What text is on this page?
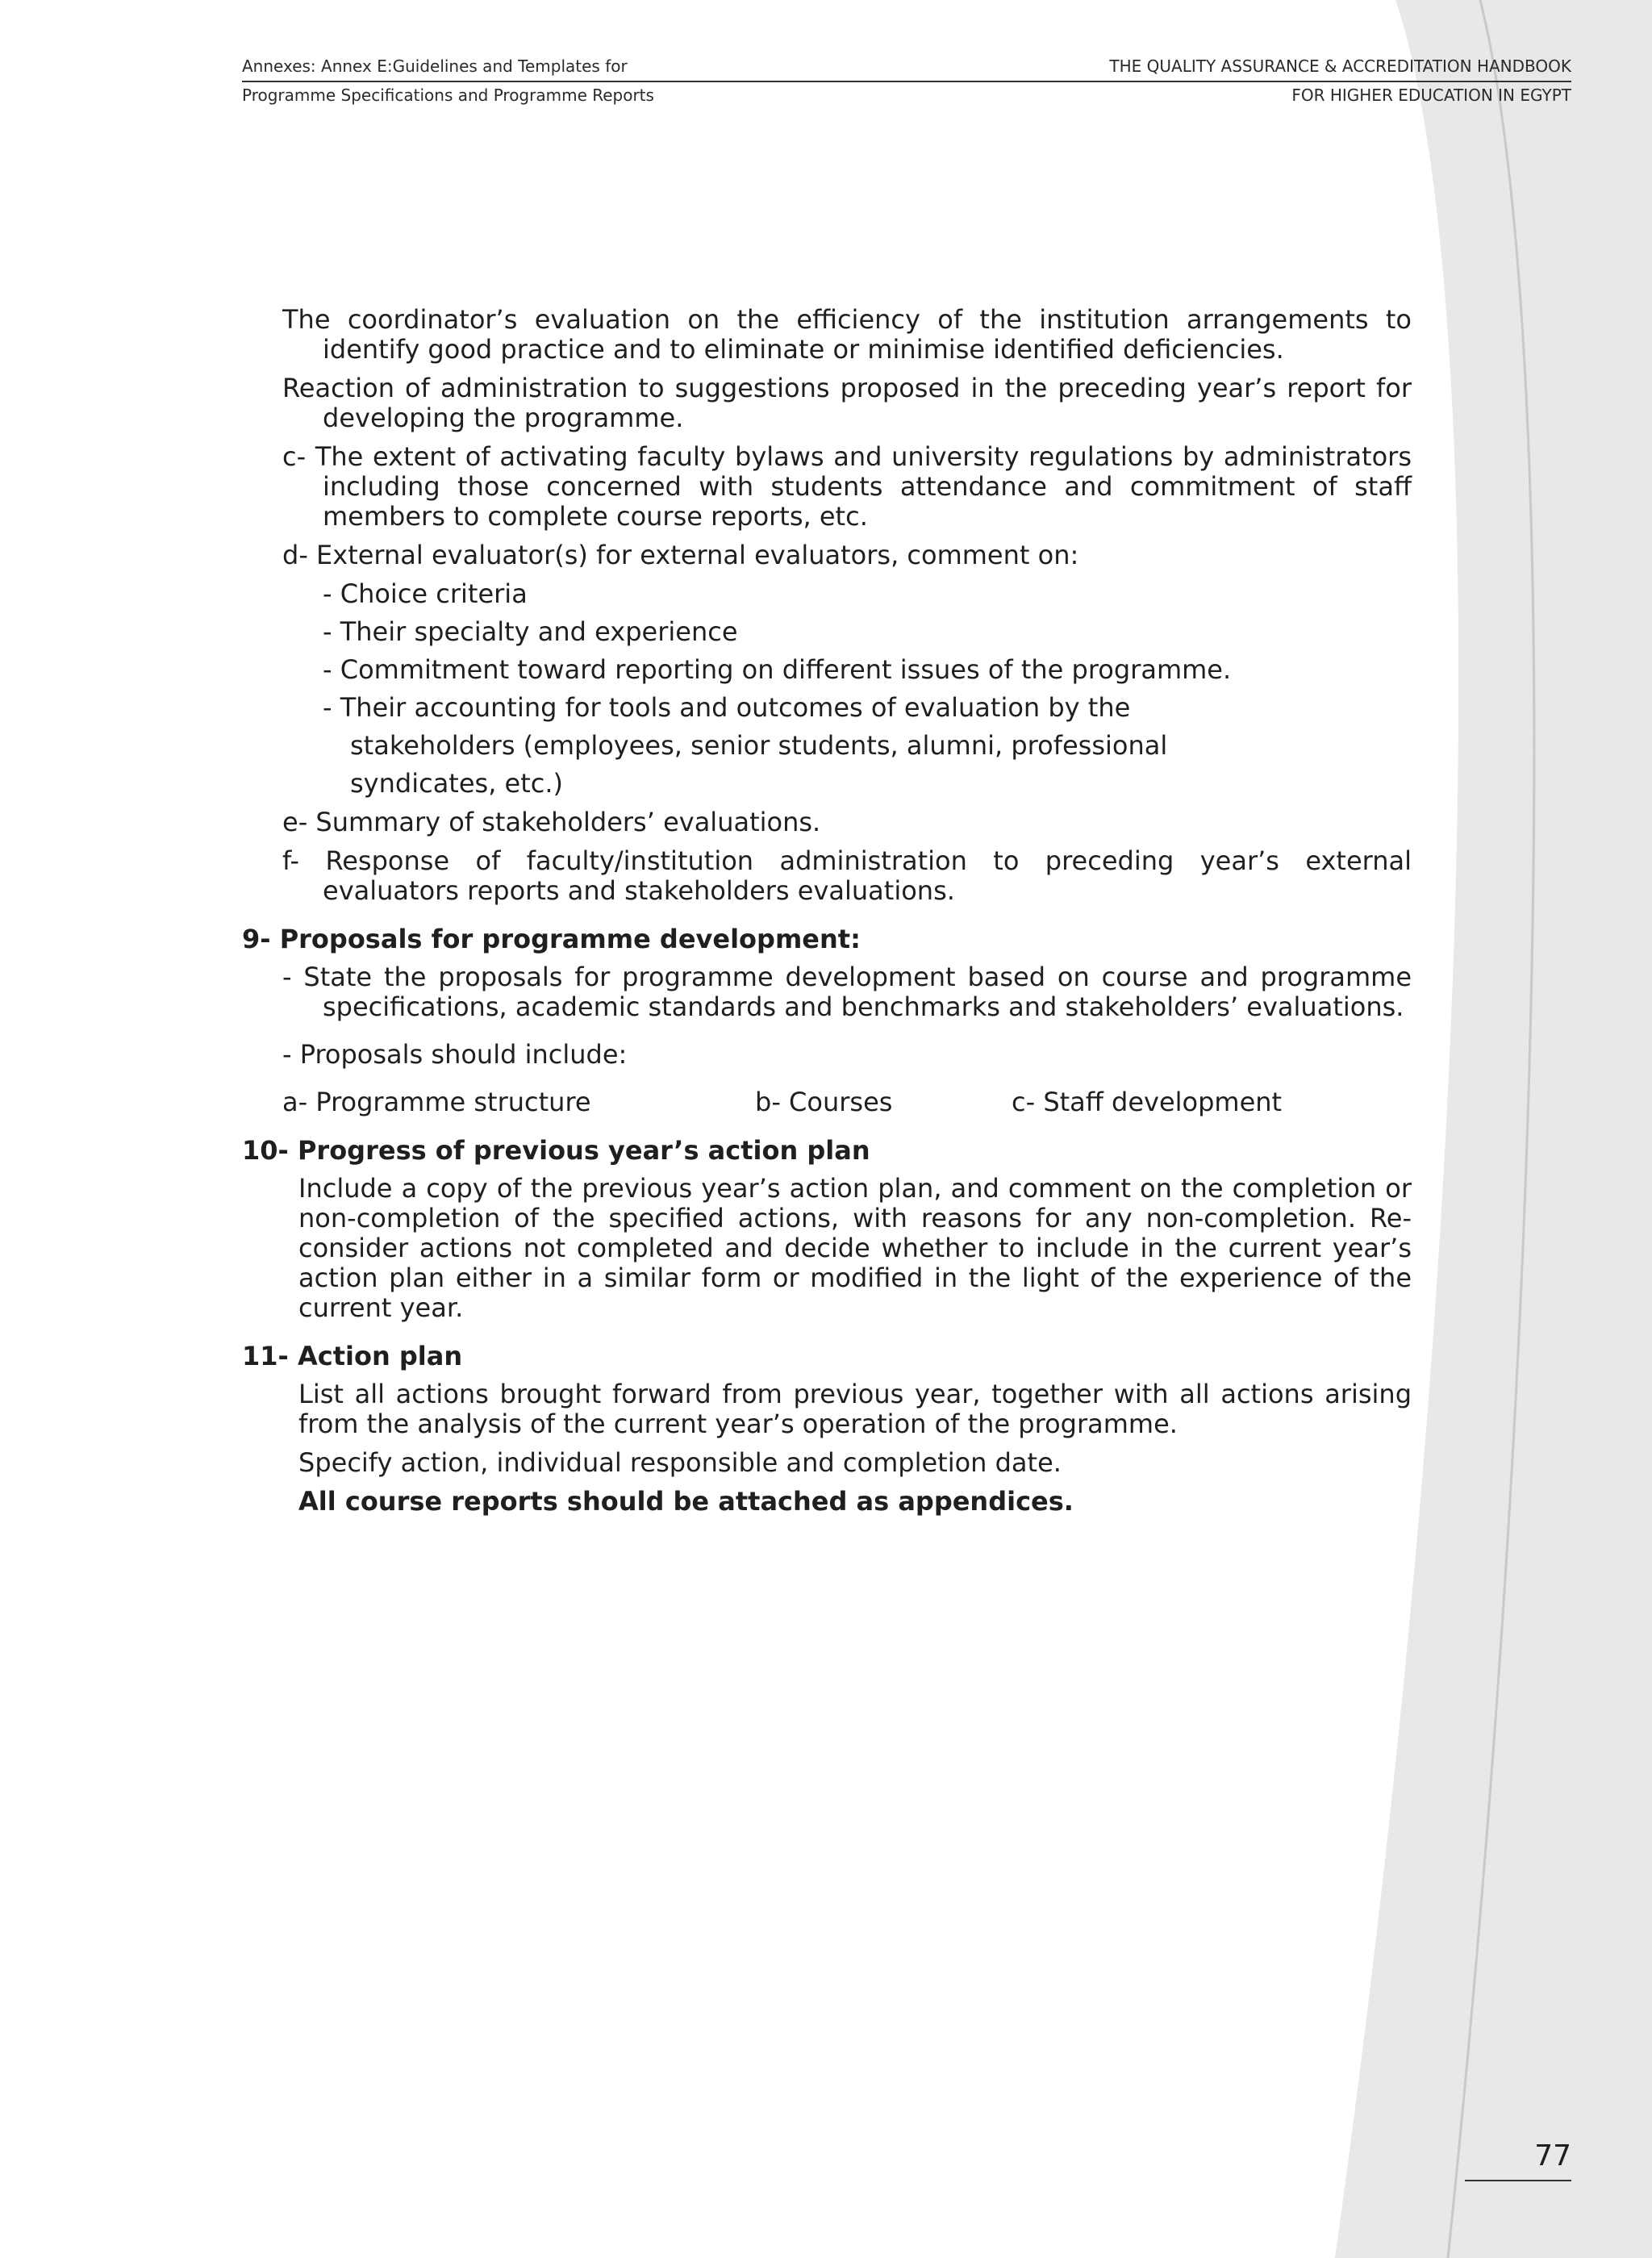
Annexes: Annex E:Guidelines and Templates for	THE QUALITY ASSURANCE & ACCREDITATION HANDBOOK
Programme Specifications and Programme Reports	FOR HIGHER EDUCATION IN EGYPT

The coordinator’s evaluation on the efficiency of the institution arrangements to identify good practice and to eliminate or minimise identified deficiencies.

Reaction of administration to suggestions proposed in the preceding year’s report for developing the programme.

c- The extent of activating faculty bylaws and university regulations by administrators including those concerned with students attendance and commitment of staff members to complete course reports, etc.

d- External evaluator(s) for external evaluators, comment on:

- Choice criteria

- Their specialty and experience

- Commitment toward reporting on different issues of the programme.

- Their accounting for tools and outcomes of evaluation by the

stakeholders (employees, senior students, alumni, professional

syndicates, etc.)

e- Summary of stakeholders’ evaluations.

f- Response of faculty/institution administration to preceding year’s external evaluators reports and stakeholders evaluations.

9- Proposals for programme development:

- State the proposals for programme development based on course and programme specifications, academic standards and benchmarks and stakeholders’ evaluations.

- Proposals should include:

a- Programme structure	b- Courses	c- Staff development

10- Progress of previous year’s action plan

Include a copy of the previous year’s action plan, and comment on the completion or non-completion of the specified actions, with reasons for any non-completion. Re-consider actions not completed and decide whether to include in the current year’s action plan either in a similar form or modified in the light of the experience of the current year.

11- Action plan

List all actions brought forward from previous year, together with all actions arising from the analysis of the current year’s operation of the programme.

Specify action, individual responsible and completion date.

All course reports should be attached as appendices.

77
